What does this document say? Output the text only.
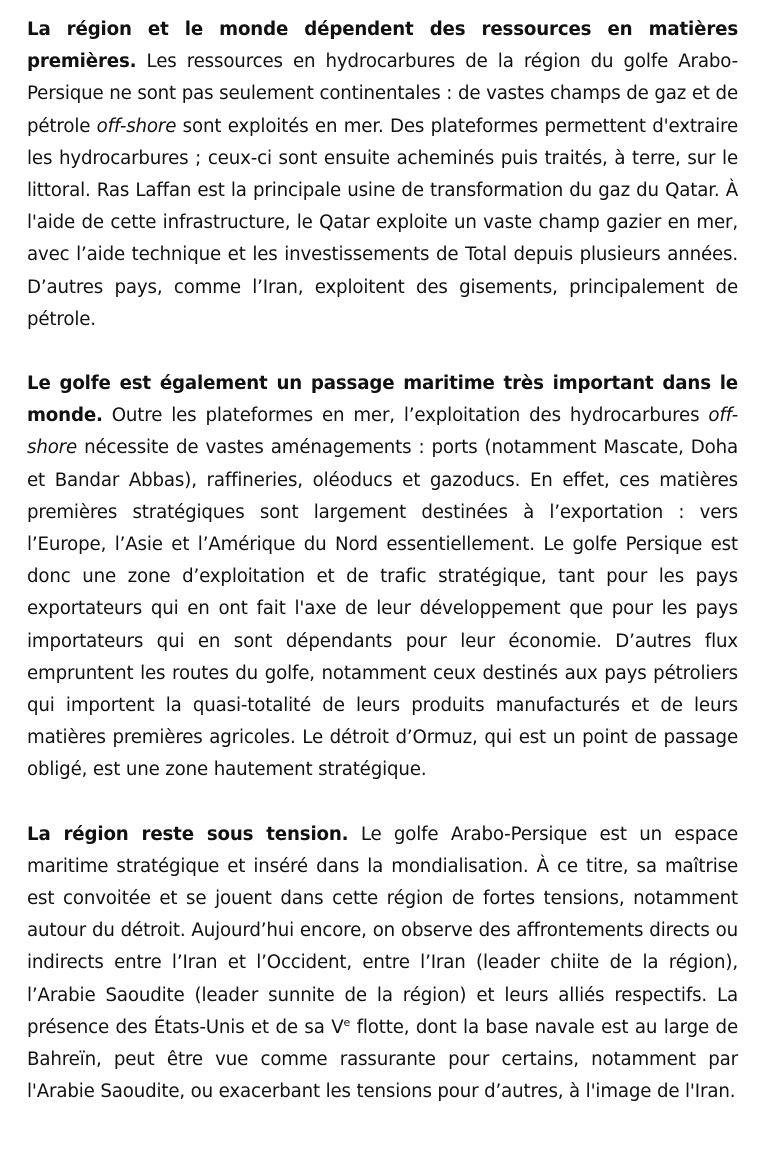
La région et le monde dépendent des ressources en matières premières. Les ressources en hydrocarbures de la région du golfe Arabo-Persique ne sont pas seulement continentales : de vastes champs de gaz et de pétrole off-shore sont exploités en mer. Des plateformes permettent d'extraire les hydrocarbures ; ceux-ci sont ensuite acheminés puis traités, à terre, sur le littoral. Ras Laffan est la principale usine de transformation du gaz du Qatar. À l'aide de cette infrastructure, le Qatar exploite un vaste champ gazier en mer, avec l’aide technique et les investissements de Total depuis plusieurs années. D’autres pays, comme l’Iran, exploitent des gisements, principalement de pétrole.

Le golfe est également un passage maritime très important dans le monde. Outre les plateformes en mer, l’exploitation des hydrocarbures off-shore nécessite de vastes aménagements : ports (notamment Mascate, Doha et Bandar Abbas), raffineries, oléoducs et gazoducs. En effet, ces matières premières stratégiques sont largement destinées à l’exportation : vers l’Europe, l’Asie et l’Amérique du Nord essentiellement. Le golfe Persique est donc une zone d’exploitation et de trafic stratégique, tant pour les pays exportateurs qui en ont fait l'axe de leur développement que pour les pays importateurs qui en sont dépendants pour leur économie. D’autres flux empruntent les routes du golfe, notamment ceux destinés aux pays pétroliers qui importent la quasi-totalité de leurs produits manufacturés et de leurs matières premières agricoles. Le détroit d’Ormuz, qui est un point de passage obligé, est une zone hautement stratégique.

La région reste sous tension. Le golfe Arabo-Persique est un espace maritime stratégique et inséré dans la mondialisation. À ce titre, sa maîtrise est convoitée et se jouent dans cette région de fortes tensions, notamment autour du détroit. Aujourd’hui encore, on observe des affrontements directs ou indirects entre l’Iran et l’Occident, entre l’Iran (leader chiite de la région), l’Arabie Saoudite (leader sunnite de la région) et leurs alliés respectifs. La présence des États-Unis et de sa Ve flotte, dont la base navale est au large de Bahreïn, peut être vue comme rassurante pour certains, notamment par l'Arabie Saoudite, ou exacerbant les tensions pour d’autres, à l'image de l'Iran.
